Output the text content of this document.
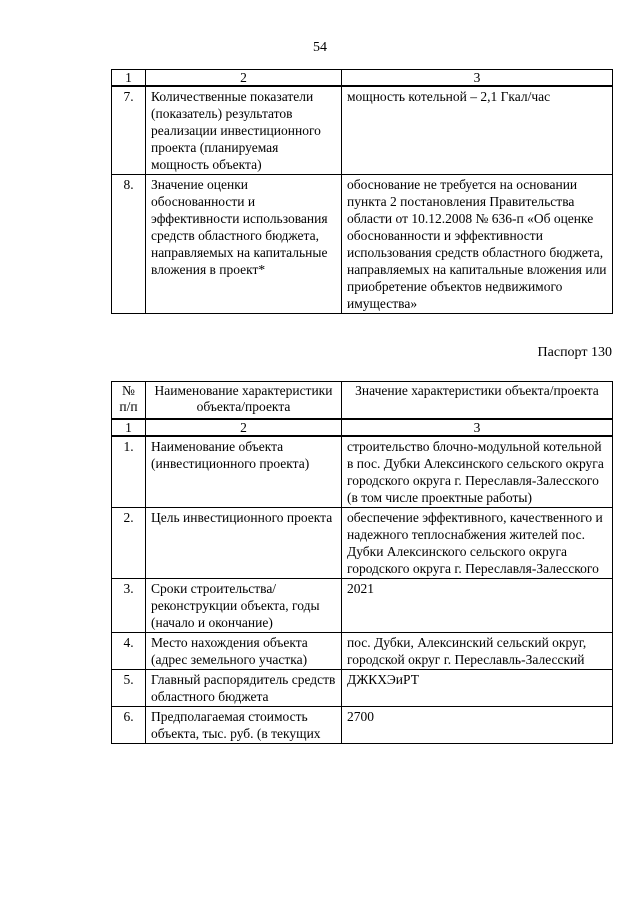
54
1	2	3
7.	Количественные показатели (показатель) результатов реализации инвестиционного проекта (планируемая мощность объекта)	мощность котельной – 2,1 Гкал/час
8.	Значение оценки обоснованности и эффективности использования средств областного бюджета, направляемых на капитальные вложения в проект*	обоснование не требуется на основании пункта 2 постановления Правительства области от 10.12.2008 № 636-п «Об оценке обоснованности и эффективности использования средств областного бюджета, направляемых на капитальные вложения или приобретение объектов недвижимого имущества»
Паспорт 130
№ п/п	Наименование характеристики объекта/проекта	Значение характеристики объекта/проекта
1	2	3
1.	Наименование объекта (инвестиционного проекта)	строительство блочно-модульной котельной в пос. Дубки Алексинского сельского округа городского округа г. Переславля-Залесского (в том числе проектные работы)
2.	Цель инвестиционного проекта	обеспечение эффективного, качественного и надежного теплоснабжения жителей пос. Дубки Алексинского сельского округа городского округа г. Переславля-Залесского
3.	Сроки строительства/реконструкции объекта, годы (начало и окончание)	2021
4.	Место нахождения объекта (адрес земельного участка)	пос. Дубки, Алексинский сельский округ, городской округ г. Переславль-Залесский
5.	Главный распорядитель средств областного бюджета	ДЖКХЭиРТ
6.	Предполагаемая стоимость объекта, тыс. руб. (в текущих	2700
